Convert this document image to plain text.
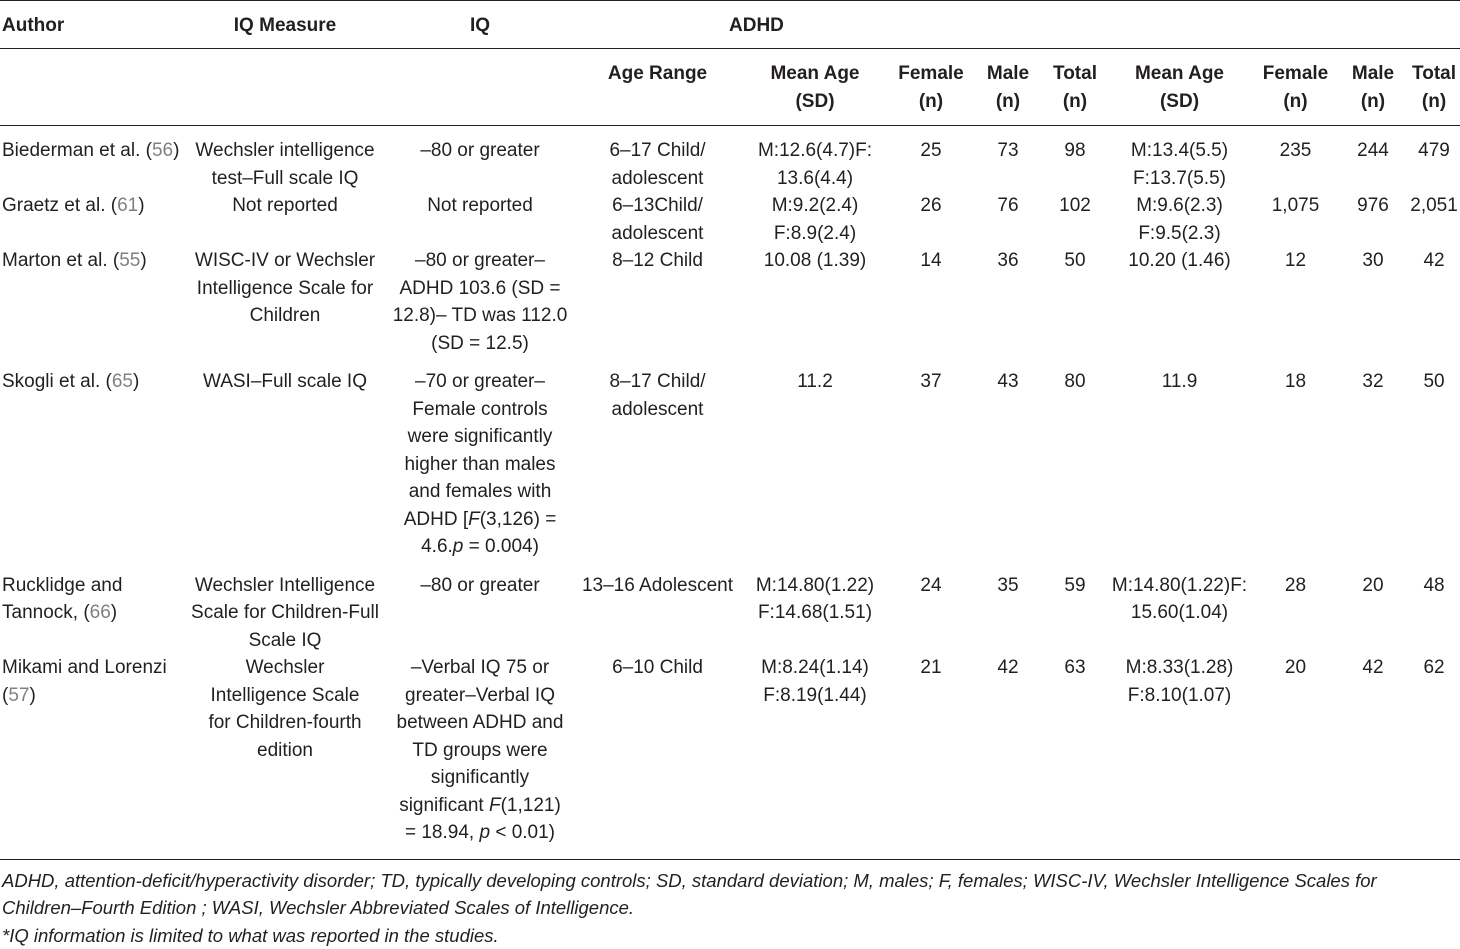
Author	IQ Measure	IQ	ADHD								
			Age Range	Mean Age (SD)	Female (n)	Male (n)	Total (n)	Mean Age (SD)	Female (n)	Male (n)	Total (n)
Biederman et al. (56)	Wechsler intelligence test–Full scale IQ	–80 or greater	6–17 Child/ adolescent	M:12.6(4.7)F: 13.6(4.4)	25	73	98	M:13.4(5.5) F:13.7(5.5)	235	244	479
Graetz et al. (61)	Not reported	Not reported	6–13Child/ adolescent	M:9.2(2.4) F:8.9(2.4)	26	76	102	M:9.6(2.3) F:9.5(2.3)	1,075	976	2,051
Marton et al. (55)	WISC-IV or Wechsler Intelligence Scale for Children	–80 or greater–ADHD 103.6 (SD = 12.8)– TD was 112.0 (SD = 12.5)	8–12 Child	10.08 (1.39)	14	36	50	10.20 (1.46)	12	30	42
Skogli et al. (65)	WASI–Full scale IQ	–70 or greater– Female controls were significantly higher than males and females with ADHD [F(3,126) = 4.6.p = 0.004)	8–17 Child/ adolescent	11.2	37	43	80	11.9	18	32	50
Rucklidge and Tannock, (66)	Wechsler Intelligence Scale for Children-Full Scale IQ	–80 or greater	13–16 Adolescent	M:14.80(1.22) F:14.68(1.51)	24	35	59	M:14.80(1.22)F: 15.60(1.04)	28	20	48
Mikami and Lorenzi (57)	Wechsler Intelligence Scale for Children-fourth edition	–Verbal IQ 75 or greater–Verbal IQ between ADHD and TD groups were significantly significant F(1,121) = 18.94, p < 0.01)	6–10 Child	M:8.24(1.14) F:8.19(1.44)	21	42	63	M:8.33(1.28) F:8.10(1.07)	20	42	62

ADHD, attention-deficit/hyperactivity disorder; TD, typically developing controls; SD, standard deviation; M, males; F, females; WISC-IV, Wechsler Intelligence Scales for Children–Fourth Edition ; WASI, Wechsler Abbreviated Scales of Intelligence.
*IQ information is limited to what was reported in the studies.
